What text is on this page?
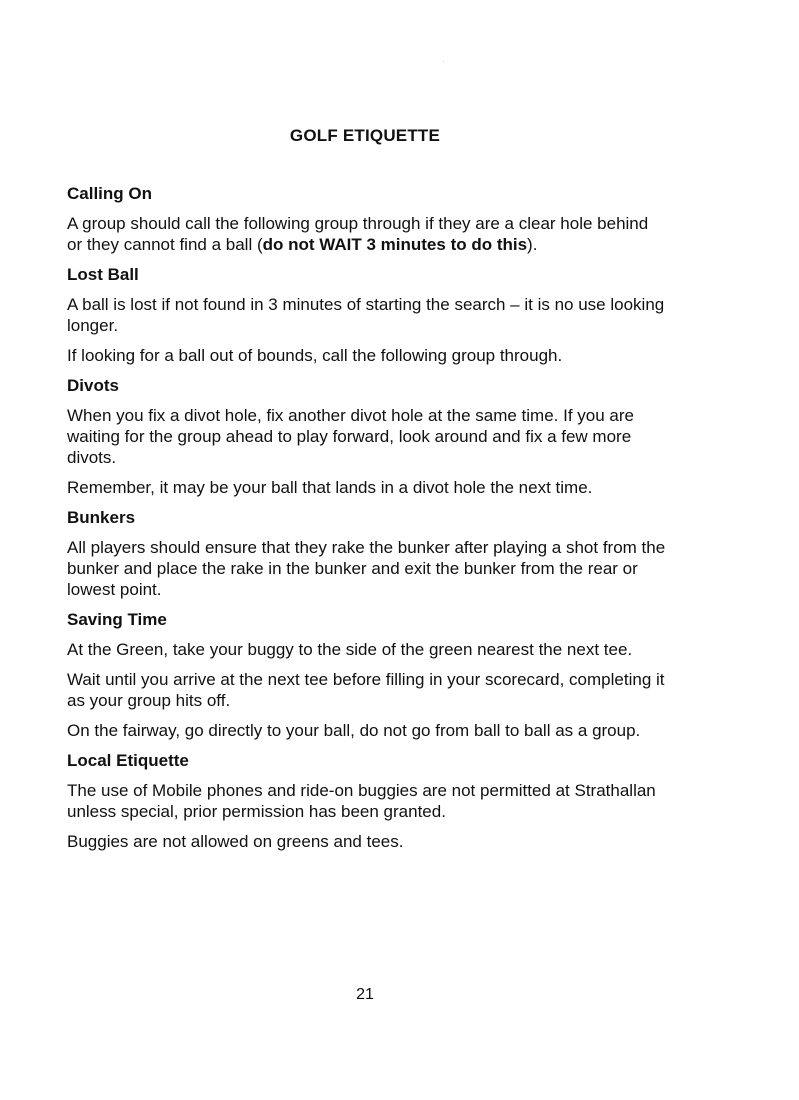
GOLF ETIQUETTE
Calling On
A group should call the following group through if they are a clear hole behind or they cannot find a ball (do not WAIT 3 minutes to do this).
Lost Ball
A ball is lost if not found in 3 minutes of starting the search – it is no use looking longer.
If looking for a ball out of bounds, call the following group through.
Divots
When you fix a divot hole, fix another divot hole at the same time. If you are waiting for the group ahead to play forward, look around and fix a few more divots.
Remember, it may be your ball that lands in a divot hole the next time.
Bunkers
All players should ensure that they rake the bunker after playing a shot from the bunker and place the rake in the bunker and exit the bunker from the rear or lowest point.
Saving Time
At the Green, take your buggy to the side of the green nearest the next tee.
Wait until you arrive at the next tee before filling in your scorecard, completing it as your group hits off.
On the fairway, go directly to your ball, do not go from ball to ball as a group.
Local Etiquette
The use of Mobile phones and ride-on buggies are not permitted at Strathallan unless special, prior permission has been granted.
Buggies are not allowed on greens and tees.
21
